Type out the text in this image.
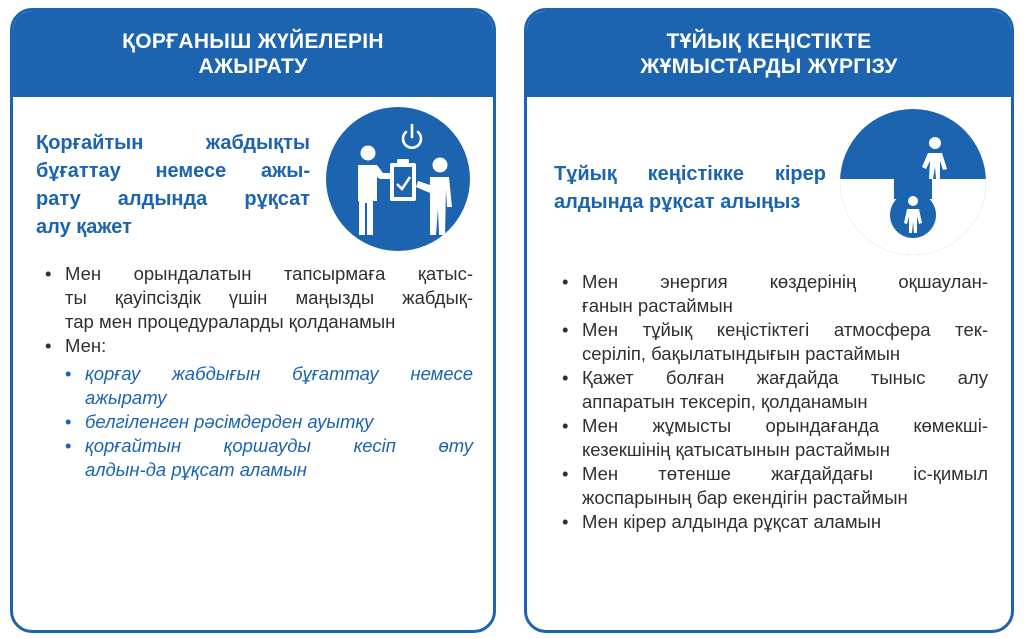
ҚОРҒАНЫШ ЖҮЙЕЛЕРІН
АЖЫРАТУ
Қорғайтын жабдықты
бұғаттау немесе ажы-
рату алдында рұқсат
алу қажет
• Мен орындалатын тапсырмаға қатыс-
ты қауіпсіздік үшін маңызды жабдық-
тар мен процедураларды қолданамын
• Мен:
• қорғау жабдығын бұғаттау немесе
ажырату
• белгіленген рәсімдерден ауытқу
• қорғайтын қоршауды кесіп өту
алдын-да рұқсат аламын
ТҰЙЫҚ КЕҢІСТІКТЕ
ЖҰМЫСТАРДЫ ЖҮРГІЗУ
Тұйық кеңістікке кірер
алдында рұқсат алыңыз
• Мен энергия көздерінің оқшаулан-
ғанын растаймын
• Мен тұйық кеңістіктегі атмосфера тек-
серіліп, бақылатындығын растаймын
• Қажет болған жағдайда тыныс алу
аппаратын тексеріп, қолданамын
• Мен жұмысты орындағанда көмекші-
кезекшінің қатысатынын растаймын
• Мен төтенше жағдайдағы іс-қимыл
жоспарының бар екендігін растаймын
• Мен кірер алдында рұқсат аламын
